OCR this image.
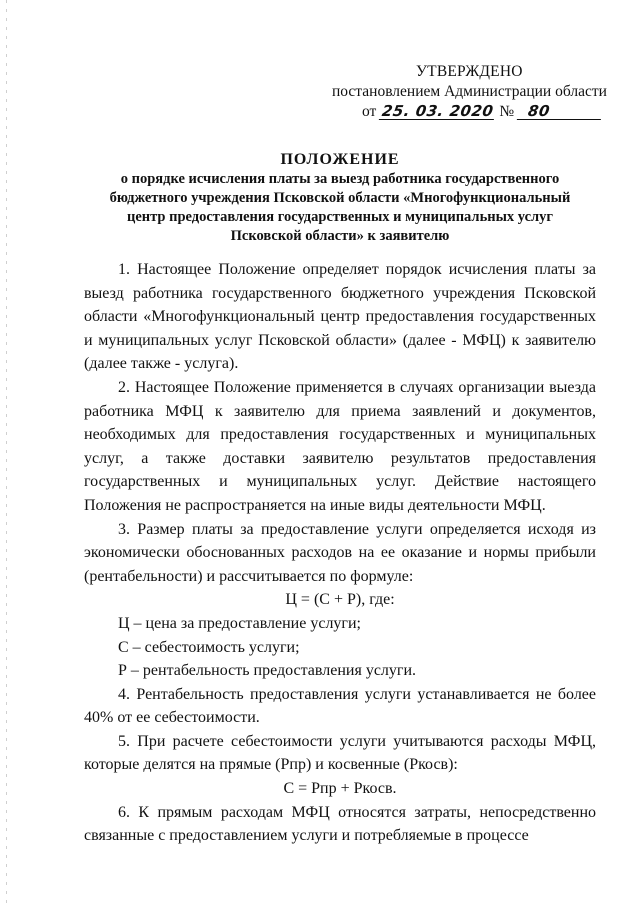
УТВЕРЖДЕНО
постановлением Администрации области
от 25. 03. 2020 № 80
ПОЛОЖЕНИЕ
о порядке исчисления платы за выезд работника государственного
бюджетного учреждения Псковской области «Многофункциональный
центр предоставления государственных и муниципальных услуг
Псковской области» к заявителю

1. Настоящее Положение определяет порядок исчисления платы за выезд работника государственного бюджетного учреждения Псковской области «Многофункциональный центр предоставления государственных и муниципальных услуг Псковской области» (далее - МФЦ) к заявителю (далее также - услуга).

2. Настоящее Положение применяется в случаях организации выезда работника МФЦ к заявителю для приема заявлений и документов, необходимых для предоставления государственных и муниципальных услуг, а также доставки заявителю результатов предоставления государственных и муниципальных услуг. Действие настоящего Положения не распространяется на иные виды деятельности МФЦ.

3. Размер платы за предоставление услуги определяется исходя из экономически обоснованных расходов на ее оказание и нормы прибыли (рентабельности) и рассчитывается по формуле:

Ц = (С + Р), где:

Ц – цена за предоставление услуги;

С – себестоимость услуги;

Р – рентабельность предоставления услуги.

4. Рентабельность предоставления услуги устанавливается не более 40% от ее себестоимости.

5. При расчете себестоимости услуги учитываются расходы МФЦ, которые делятся на прямые (Рпр) и косвенные (Ркосв):

С = Рпр + Ркосв.

6. К прямым расходам МФЦ относятся затраты, непосредственно связанные с предоставлением услуги и потребляемые в процессе
